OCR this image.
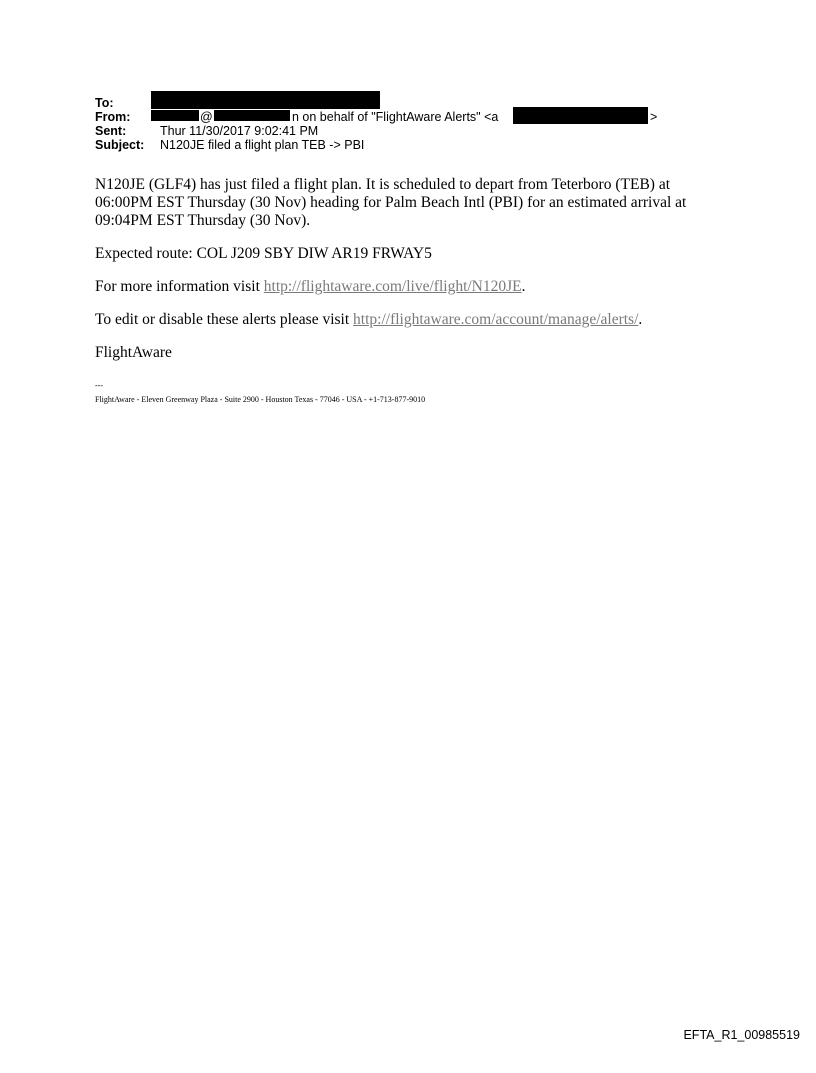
To:
From:	@	n on behalf of "FlightAware Alerts" <a	>
Sent:	Thur 11/30/2017 9:02:41 PM
Subject: N120JE filed a flight plan TEB -> PBI

N120JE (GLF4) has just filed a flight plan. It is scheduled to depart from Teterboro (TEB) at 06:00PM EST Thursday (30 Nov) heading for Palm Beach Intl (PBI) for an estimated arrival at 09:04PM EST Thursday (30 Nov).

Expected route: COL J209 SBY DIW AR19 FRWAY5

For more information visit http://flightaware.com/live/flight/N120JE.

To edit or disable these alerts please visit http://flightaware.com/account/manage/alerts/.

FlightAware

---
FlightAware - Eleven Greenway Plaza - Suite 2900 - Houston Texas - 77046 - USA - +1-713-877-9010
EFTA_R1_00985519
